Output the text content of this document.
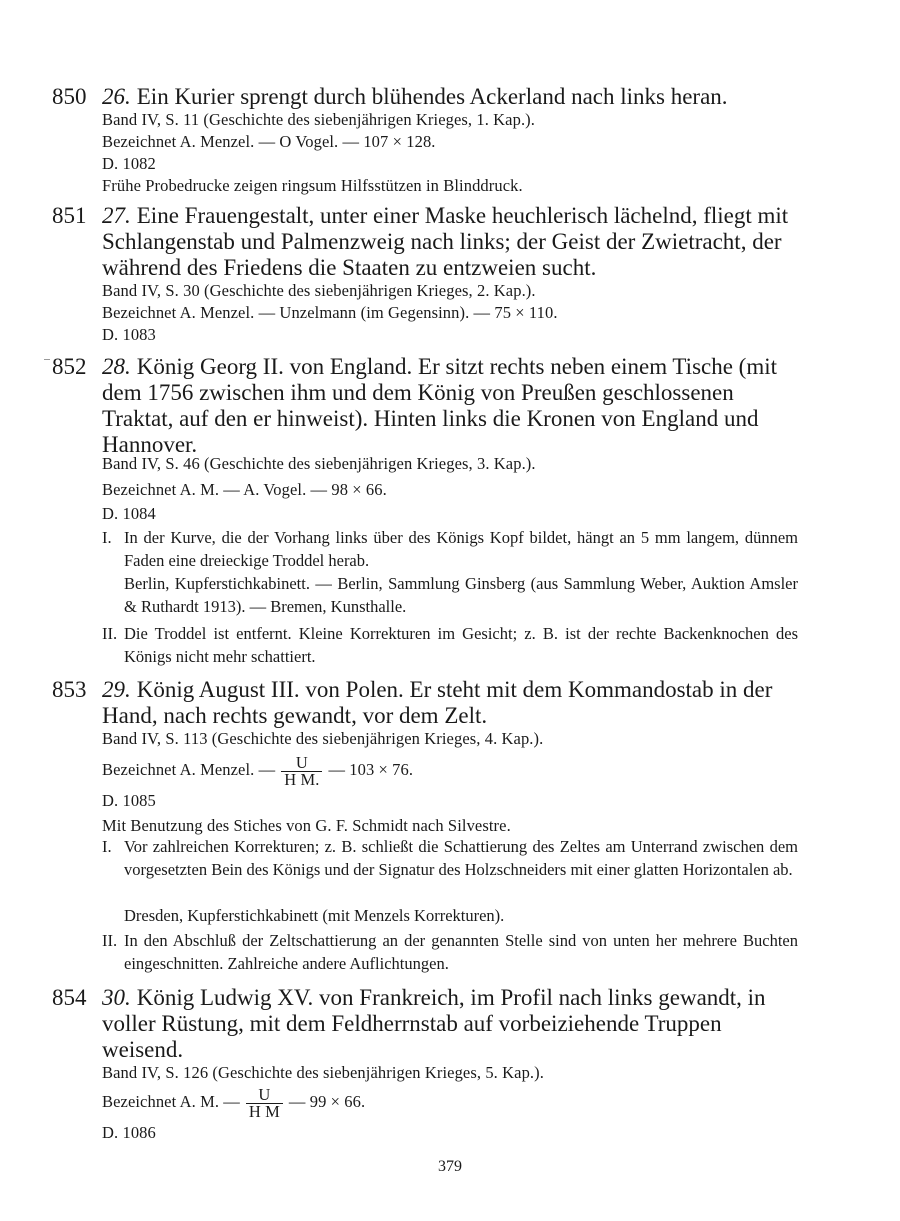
850 26. Ein Kurier sprengt durch blühendes Ackerland nach links heran.
Band IV, S. 11 (Geschichte des siebenjährigen Krieges, 1. Kap.).
Bezeichnet A. Menzel. — O Vogel. — 107 × 128.
D. 1082
Frühe Probedrucke zeigen ringsum Hilfsstützen in Blinddruck.
851 27. Eine Frauengestalt, unter einer Maske heuchlerisch lächelnd, fliegt mit Schlangenstab und Palmenzweig nach links; der Geist der Zwietracht, der während des Friedens die Staaten zu entzweien sucht.
Band IV, S. 30 (Geschichte des siebenjährigen Krieges, 2. Kap.).
Bezeichnet A. Menzel. — Unzelmann (im Gegensinn). — 75 × 110.
D. 1083
852 28. König Georg II. von England. Er sitzt rechts neben einem Tische (mit dem 1756 zwischen ihm und dem König von Preußen geschlossenen Traktat, auf den er hinweist). Hinten links die Kronen von England und Hannover.
Band IV, S. 46 (Geschichte des siebenjährigen Krieges, 3. Kap.).
Bezeichnet A. M. — A. Vogel. — 98 × 66.
D. 1084
I. In der Kurve, die der Vorhang links über des Königs Kopf bildet, hängt an 5 mm langem, dünnem Faden eine dreieckige Troddel herab.
Berlin, Kupferstichkabinett. — Berlin, Sammlung Ginsberg (aus Sammlung Weber, Auktion Amsler & Ruthardt 1913). — Bremen, Kunsthalle.
II. Die Troddel ist entfernt. Kleine Korrekturen im Gesicht; z. B. ist der rechte Backenknochen des Königs nicht mehr schattiert.
853 29. König August III. von Polen. Er steht mit dem Kommandostab in der Hand, nach rechts gewandt, vor dem Zelt.
Band IV, S. 113 (Geschichte des siebenjährigen Krieges, 4. Kap.).
Bezeichnet A. Menzel. — $\frac{U}{\text{H M.}}$ — 103 × 76.
D. 1085
Mit Benutzung des Stiches von G. F. Schmidt nach Silvestre.
I. Vor zahlreichen Korrekturen; z. B. schließt die Schattierung des Zeltes am Unterrand zwischen dem vorgesetzten Bein des Königs und der Signatur des Holzschneiders mit einer glatten Horizontalen ab.
Dresden, Kupferstichkabinett (mit Menzels Korrekturen).
II. In den Abschluß der Zeltschattierung an der genannten Stelle sind von unten her mehrere Buchten eingeschnitten. Zahlreiche andere Auflichtungen.
854 30. König Ludwig XV. von Frankreich, im Profil nach links gewandt, in voller Rüstung, mit dem Feldherrnstab auf vorbeiziehende Truppen weisend.
Band IV, S. 126 (Geschichte des siebenjährigen Krieges, 5. Kap.).
Bezeichnet A. M. — $\frac{U}{\text{H M}}$ — 99 × 66.
D. 1086
379
